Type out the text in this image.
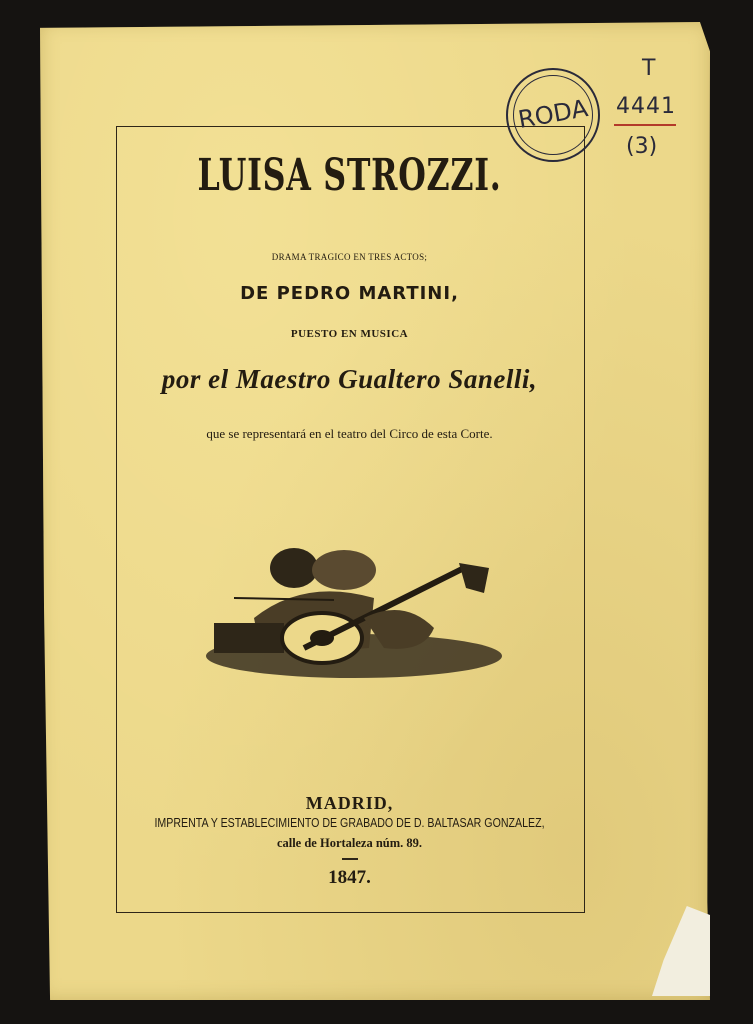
LUISA STROZZI.
DRAMA TRAGICO EN TRES ACTOS;
DE PEDRO MARTINI,
PUESTO EN MUSICA
por el Maestro Gualtero Sanelli,
que se representará en el teatro del Circo de esta Corte.
MADRID,
IMPRENTA Y ESTABLECIMIENTO DE GRABADO DE D. BALTASAR GONZALEZ,
calle de Hortaleza núm. 89.
1847.
RODA
T
4441
(3)
